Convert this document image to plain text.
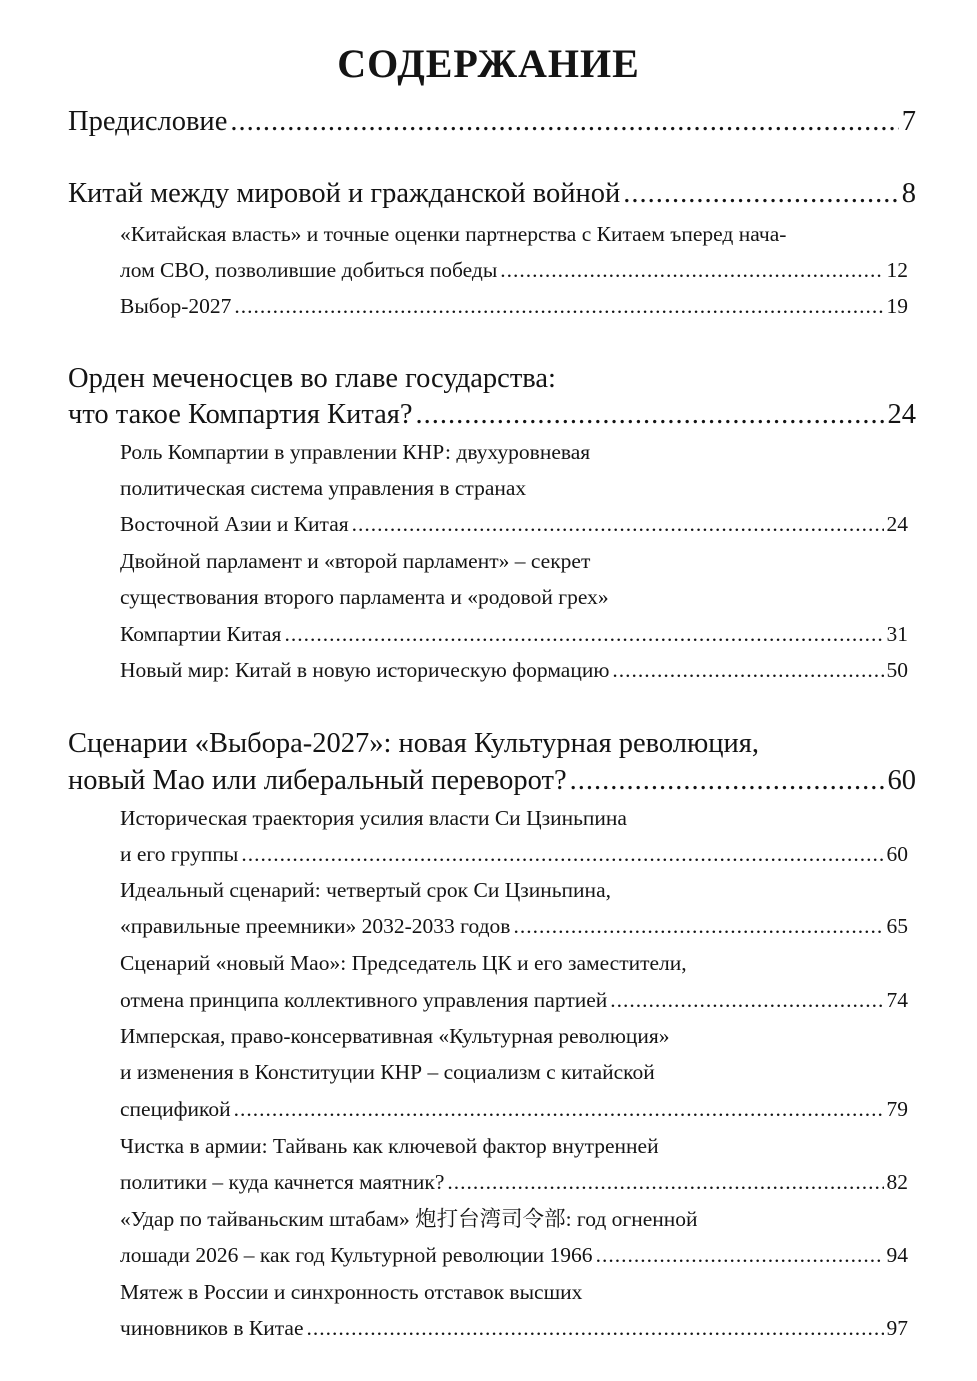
СОДЕРЖАНИЕ
Предисловие .....	7
Китай между мировой и гражданской войной .....	8
«Китайская власть» и точные оценки партнерства с Китаем ъперед нача-
лом СВО, позволившие добиться победы .....	12
Выбор-2027 .....	19
Орден меченосцев во главе государства:
что такое Компартия Китая? .....	24
Роль Компартии в управлении КНР: двухуровневая
политическая система управления в странах
Восточной Азии и Китая .....	24
Двойной парламент и «второй парламент» – секрет
существования второго парламента и «родовой грех»
Компартии Китая .....	31
Новый мир: Китай в новую историческую формацию .....	50
Сценарии «Выбора-2027»: новая Культурная революция,
новый Мао или либеральный переворот? .....	60
Историческая траектория усилия власти Си Цзиньпина
и его группы .....	60
Идеальный сценарий: четвертый срок Си Цзиньпина,
«правильные преемники» 2032-2033 годов .....	65
Сценарий «новый Мао»: Председатель ЦК и его заместители,
отмена принципа коллективного управления партией .....	74
Имперская, право-консервативная «Культурная революция»
и изменения в Конституции КНР – социализм с китайской
спецификой .....	79
Чистка в армии: Тайвань как ключевой фактор внутренней
политики – куда качнется маятник? .....	82
«Удар по тайваньским штабам» 炮打台湾司令部: год огненной
лошади 2026 – как год Культурной революции 1966 .....	94
Мятеж в России и синхронность отставок высших
чиновников в Китае .....	97
